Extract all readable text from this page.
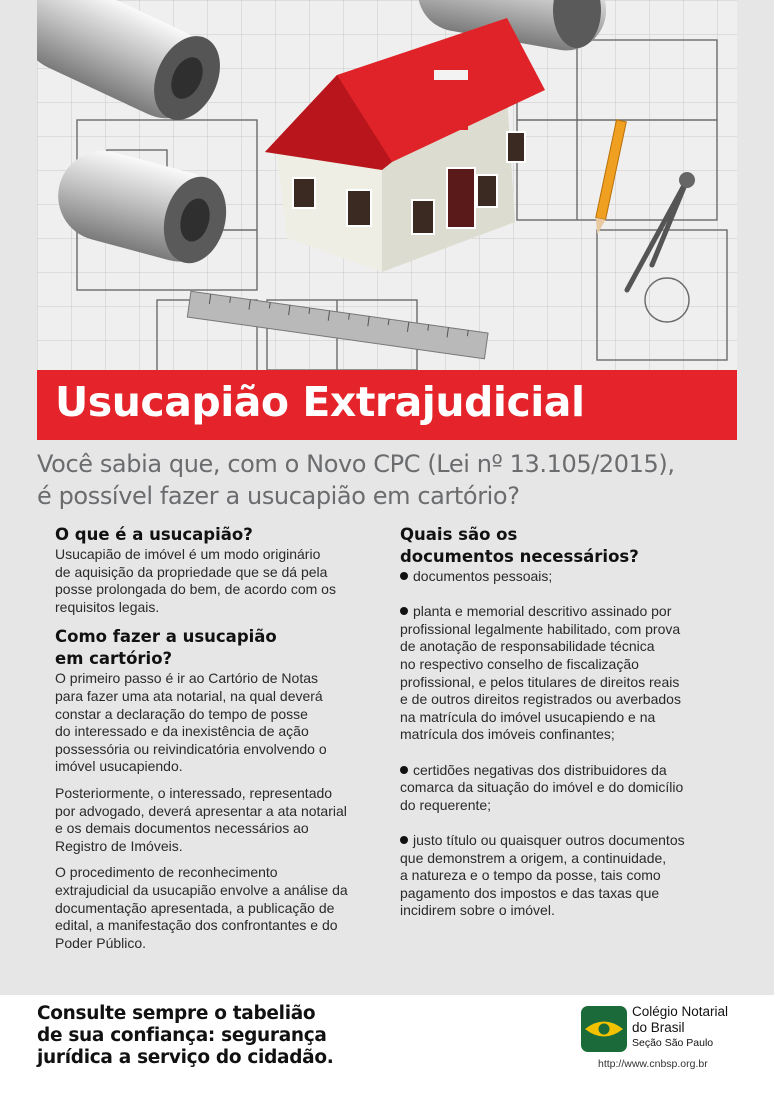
Usucapião Extrajudicial
Você sabia que, com o Novo CPC (Lei nº 13.105/2015),
é possível fazer a usucapião em cartório?
O que é a usucapião?

Usucapião de imóvel é um modo originário
de aquisição da propriedade que se dá pela
posse prolongada do bem, de acordo com os
requisitos legais.

Como fazer a usucapião
em cartório?

O primeiro passo é ir ao Cartório de Notas
para fazer uma ata notarial, na qual deverá
constar a declaração do tempo de posse
do interessado e da inexistência de ação
possessória ou reivindicatória envolvendo o
imóvel usucapiendo.

Posteriormente, o interessado, representado
por advogado, deverá apresentar a ata notarial
e os demais documentos necessários ao
Registro de Imóveis.

O procedimento de reconhecimento
extrajudicial da usucapião envolve a análise da
documentação apresentada, a publicação de
edital, a manifestação dos confrontantes e do
Poder Público.

Quais são os
documentos necessários?
documentos pessoais;
planta e memorial descritivo assinado por
profissional legalmente habilitado, com prova
de anotação de responsabilidade técnica
no respectivo conselho de fiscalização
profissional, e pelos titulares de direitos reais
e de outros direitos registrados ou averbados
na matrícula do imóvel usucapiendo e na
matrícula dos imóveis confinantes;
certidões negativas dos distribuidores da
comarca da situação do imóvel e do domicílio
do requerente;
justo título ou quaisquer outros documentos
que demonstrem a origem, a continuidade,
a natureza e o tempo da posse, tais como
pagamento dos impostos e das taxas que
incidirem sobre o imóvel.
Consulte sempre o tabelião
de sua confiança: segurança
jurídica a serviço do cidadão.
Colégio Notarial
do Brasil
Seção São Paulo
http://www.cnbsp.org.br
